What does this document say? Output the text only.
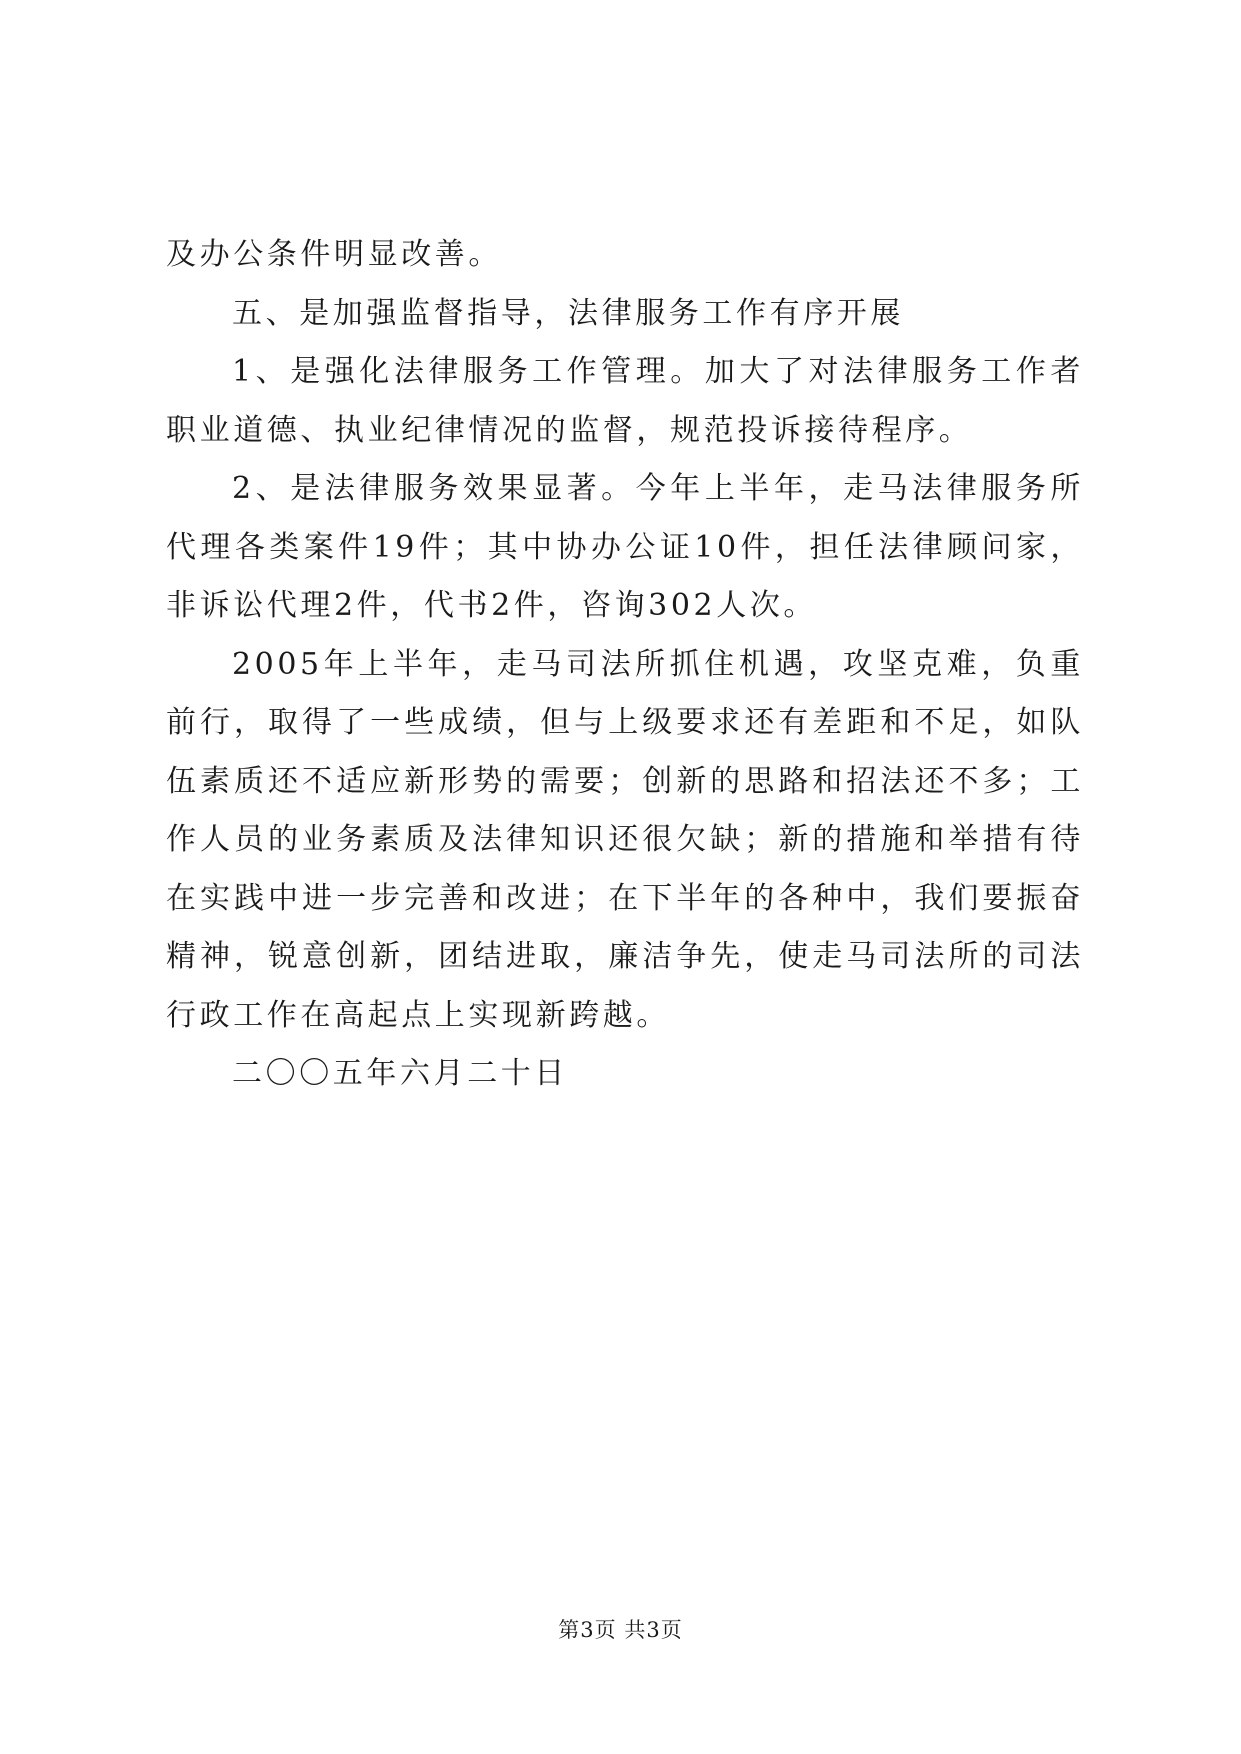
及办公条件明显改善。

五、是加强监督指导，法律服务工作有序开展

1、是强化法律服务工作管理。加大了对法律服务工作者职业道德、执业纪律情况的监督，规范投诉接待程序。

2、是法律服务效果显著。今年上半年，走马法律服务所代理各类案件19件；其中协办公证10件，担任法律顾问家，非诉讼代理2件，代书2件，咨询302人次。

2005年上半年，走马司法所抓住机遇，攻坚克难，负重前行，取得了一些成绩，但与上级要求还有差距和不足，如队伍素质还不适应新形势的需要；创新的思路和招法还不多；工作人员的业务素质及法律知识还很欠缺；新的措施和举措有待在实践中进一步完善和改进；在下半年的各种中，我们要振奋精神，锐意创新，团结进取，廉洁争先，使走马司法所的司法行政工作在高起点上实现新跨越。

二〇〇五年六月二十日

第3页 共3页
